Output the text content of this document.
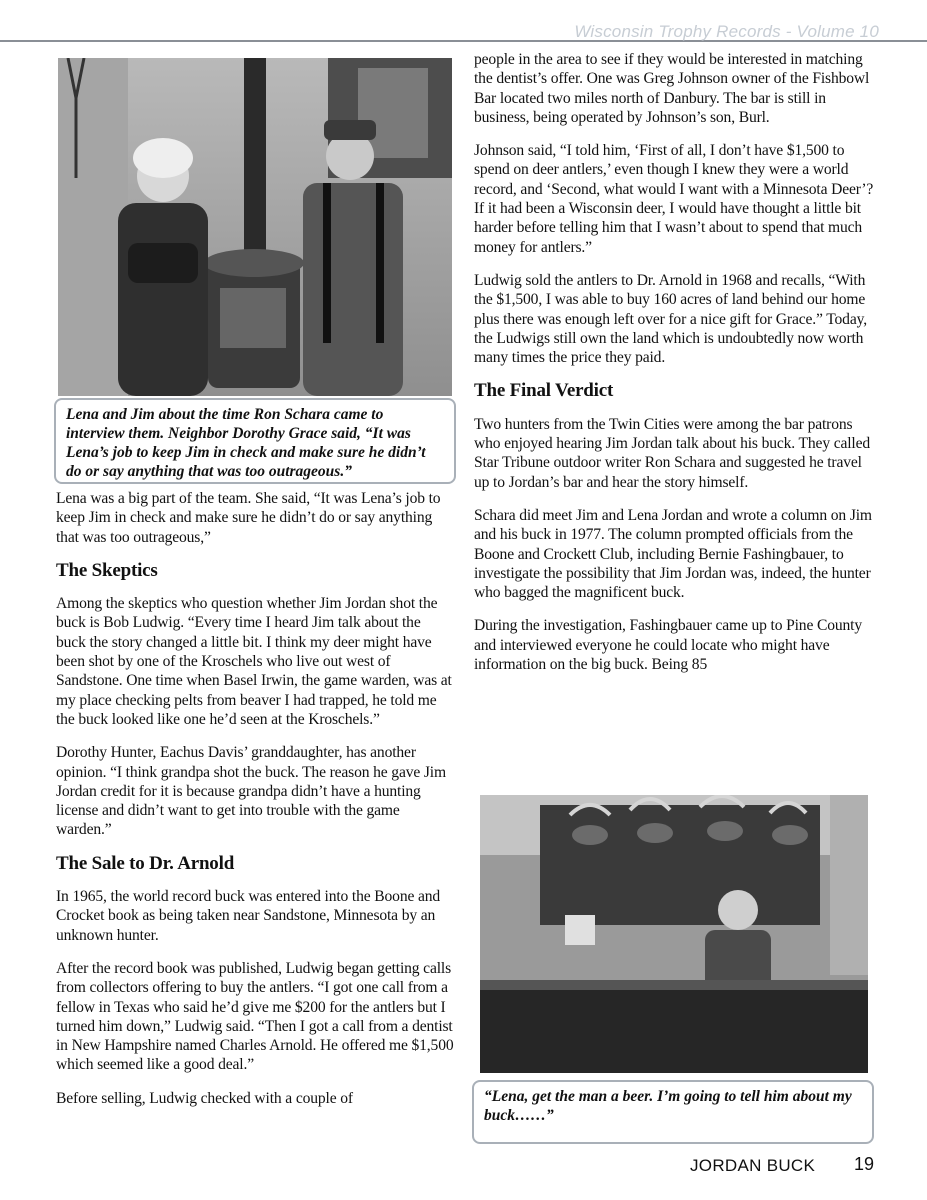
Wisconsin Trophy Records - Volume 10
Lena and Jim about the time Ron Schara came to interview them. Neighbor Dorothy Grace said, “It was Lena’s job to keep Jim in check and make sure he didn’t do or say anything that was too outrageous.”

Lena was a big part of the team. She said, “It was Lena’s job to keep Jim in check and make sure he didn’t do or say anything that was too outrageous,”

The Skeptics

Among the skeptics who question whether Jim Jordan shot the buck is Bob Ludwig. “Every time I heard Jim talk about the buck the story changed a little bit. I think my deer might have been shot by one of the Kroschels who live out west of Sandstone. One time when Basel Irwin, the game warden, was at my place checking pelts from beaver I had trapped, he told me the buck looked like one he’d seen at the Kroschels.”

Dorothy Hunter, Eachus Davis’ granddaughter, has another opinion. “I think grandpa shot the buck. The reason he gave Jim Jordan credit for it is because grandpa didn’t have a hunting license and didn’t want to get into trouble with the game warden.”

The Sale to Dr. Arnold

In 1965, the world record buck was entered into the Boone and Crocket book as being taken near Sandstone, Minnesota by an unknown hunter.

After the record book was published, Ludwig began getting calls from collectors offering to buy the antlers. “I got one call from a fellow in Texas who said he’d give me $200 for the antlers but I turned him down,” Ludwig said. “Then I got a call from a dentist in New Hampshire named Charles Arnold. He offered me $1,500 which seemed like a good deal.”

Before selling, Ludwig checked with a couple of

people in the area to see if they would be interested in matching the dentist’s offer. One was Greg Johnson owner of the Fishbowl Bar located two miles north of Danbury. The bar is still in business, being operated by Johnson’s son, Burl.

Johnson said, “I told him, ‘First of all, I don’t have $1,500 to spend on deer antlers,’ even though I knew they were a world record, and ‘Second, what would I want with a Minnesota Deer’? If it had been a Wisconsin deer, I would have thought a little bit harder before telling him that I wasn’t about to spend that much money for antlers.”

Ludwig sold the antlers to Dr. Arnold in 1968 and recalls, “With the $1,500, I was able to buy 160 acres of land behind our home plus there was enough left over for a nice gift for Grace.” Today, the Ludwigs still own the land which is undoubtedly now worth many times the price they paid.

The Final Verdict

Two hunters from the Twin Cities were among the bar patrons who enjoyed hearing Jim Jordan talk about his buck. They called Star Tribune outdoor writer Ron Schara and suggested he travel up to Jordan’s bar and hear the story himself.

Schara did meet Jim and Lena Jordan and wrote a column on Jim and his buck in 1977. The column prompted officials from the Boone and Crockett Club, including Bernie Fashingbauer, to investigate the possibility that Jim Jordan was, indeed, the hunter who bagged the magnificent buck.

During the investigation, Fashingbauer came up to Pine County and interviewed everyone he could locate who might have information on the big buck. Being 85

“Lena, get the man a beer. I’m going to tell him about my buck……”
JORDAN BUCK 19
